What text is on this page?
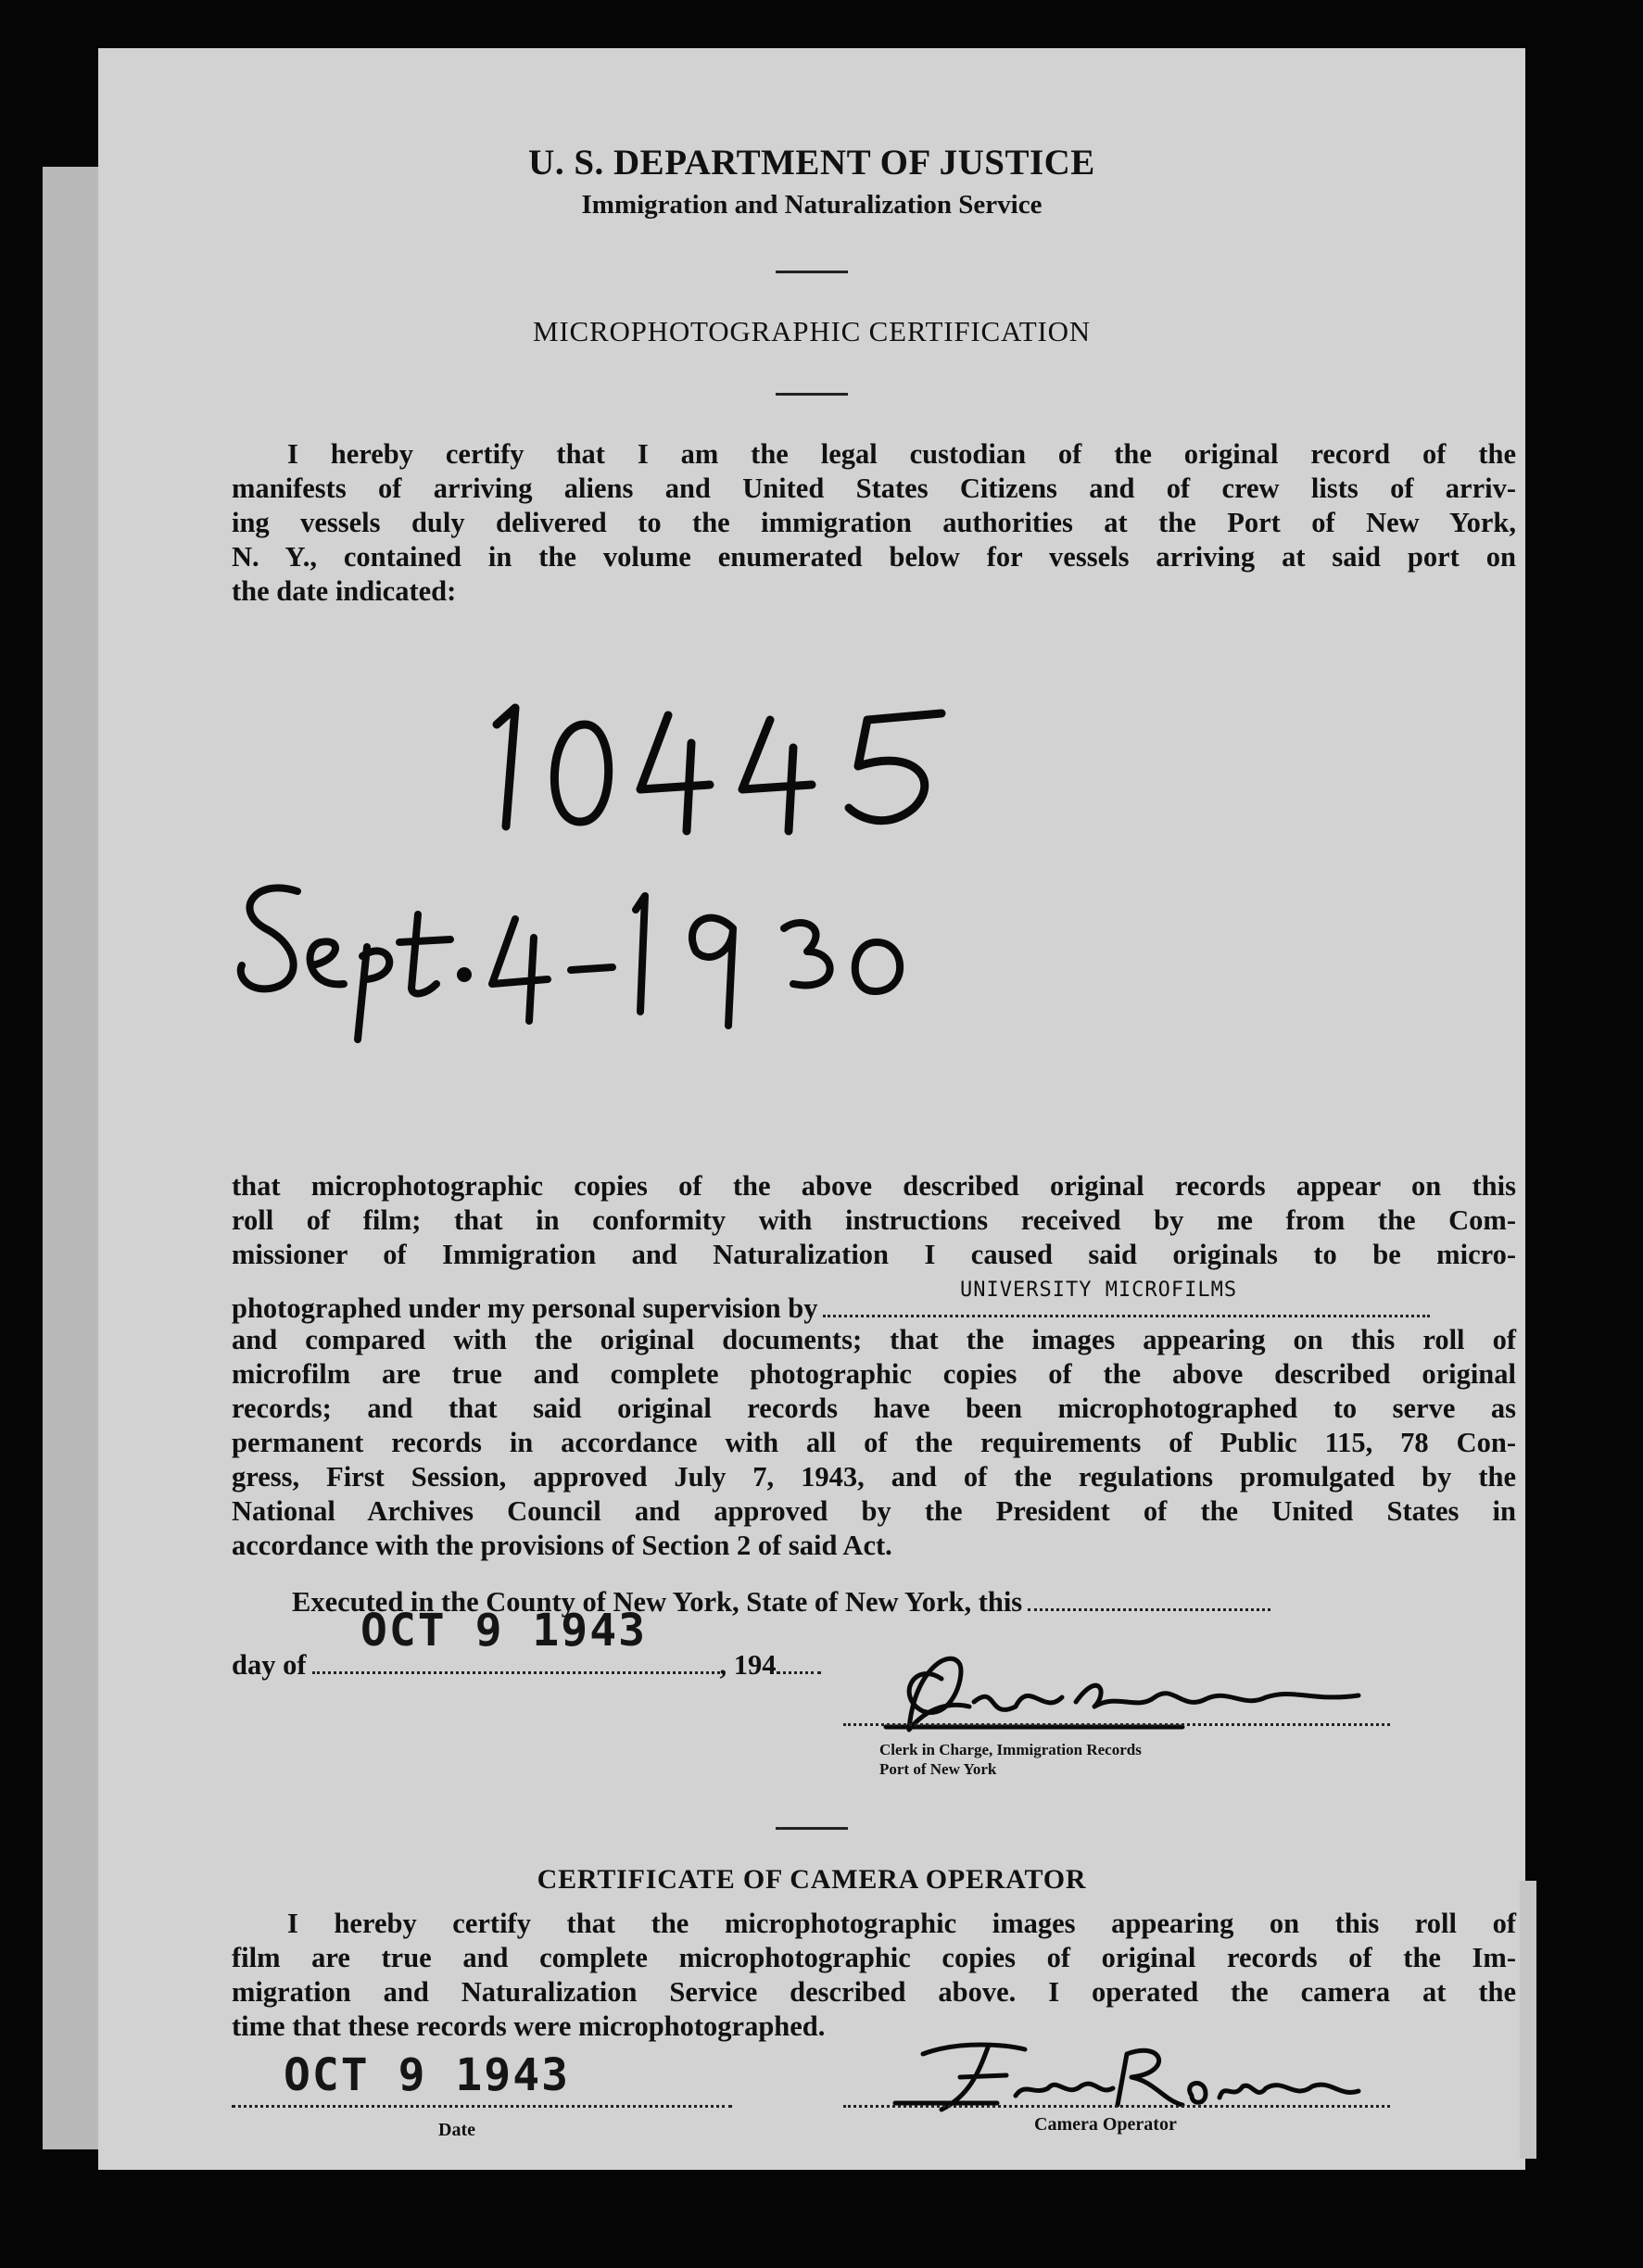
U. S. DEPARTMENT OF JUSTICE
Immigration and Naturalization Service
MICROPHOTOGRAPHIC CERTIFICATION
I hereby certify that I am the legal custodian of the original record of the
manifests of arriving aliens and United States Citizens and of crew lists of arriv-
ing vessels duly delivered to the immigration authorities at the Port of New York,
N. Y., contained in the volume enumerated below for vessels arriving at said port on
the date indicated:
that microphotographic copies of the above described original records appear on this
roll of film; that in conformity with instructions received by me from the Com-
missioner of Immigration and Naturalization I caused said originals to be micro-
photographed under my personal supervision by
UNIVERSITY MICROFILMS
and compared with the original documents; that the images appearing on this roll of
microfilm are true and complete photographic copies of the above described original
records; and that said original records have been microphotographed to serve as
permanent records in accordance with all of the requirements of Public 115, 78 Con-
gress, First Session, approved July 7, 1943, and of the regulations promulgated by the
National Archives Council and approved by the President of the United States in
accordance with the provisions of Section 2 of said Act.
Executed in the County of New York, State of New York, this
OCT 9 1943
day of	, 194
Clerk in Charge, Immigration Records
Port of New York
CERTIFICATE OF CAMERA OPERATOR
I hereby certify that the microphotographic images appearing on this roll of
film are true and complete microphotographic copies of original records of the Im-
migration and Naturalization Service described above. I operated the camera at the
time that these records were microphotographed.
OCT 9 1943
Date	Camera Operator
